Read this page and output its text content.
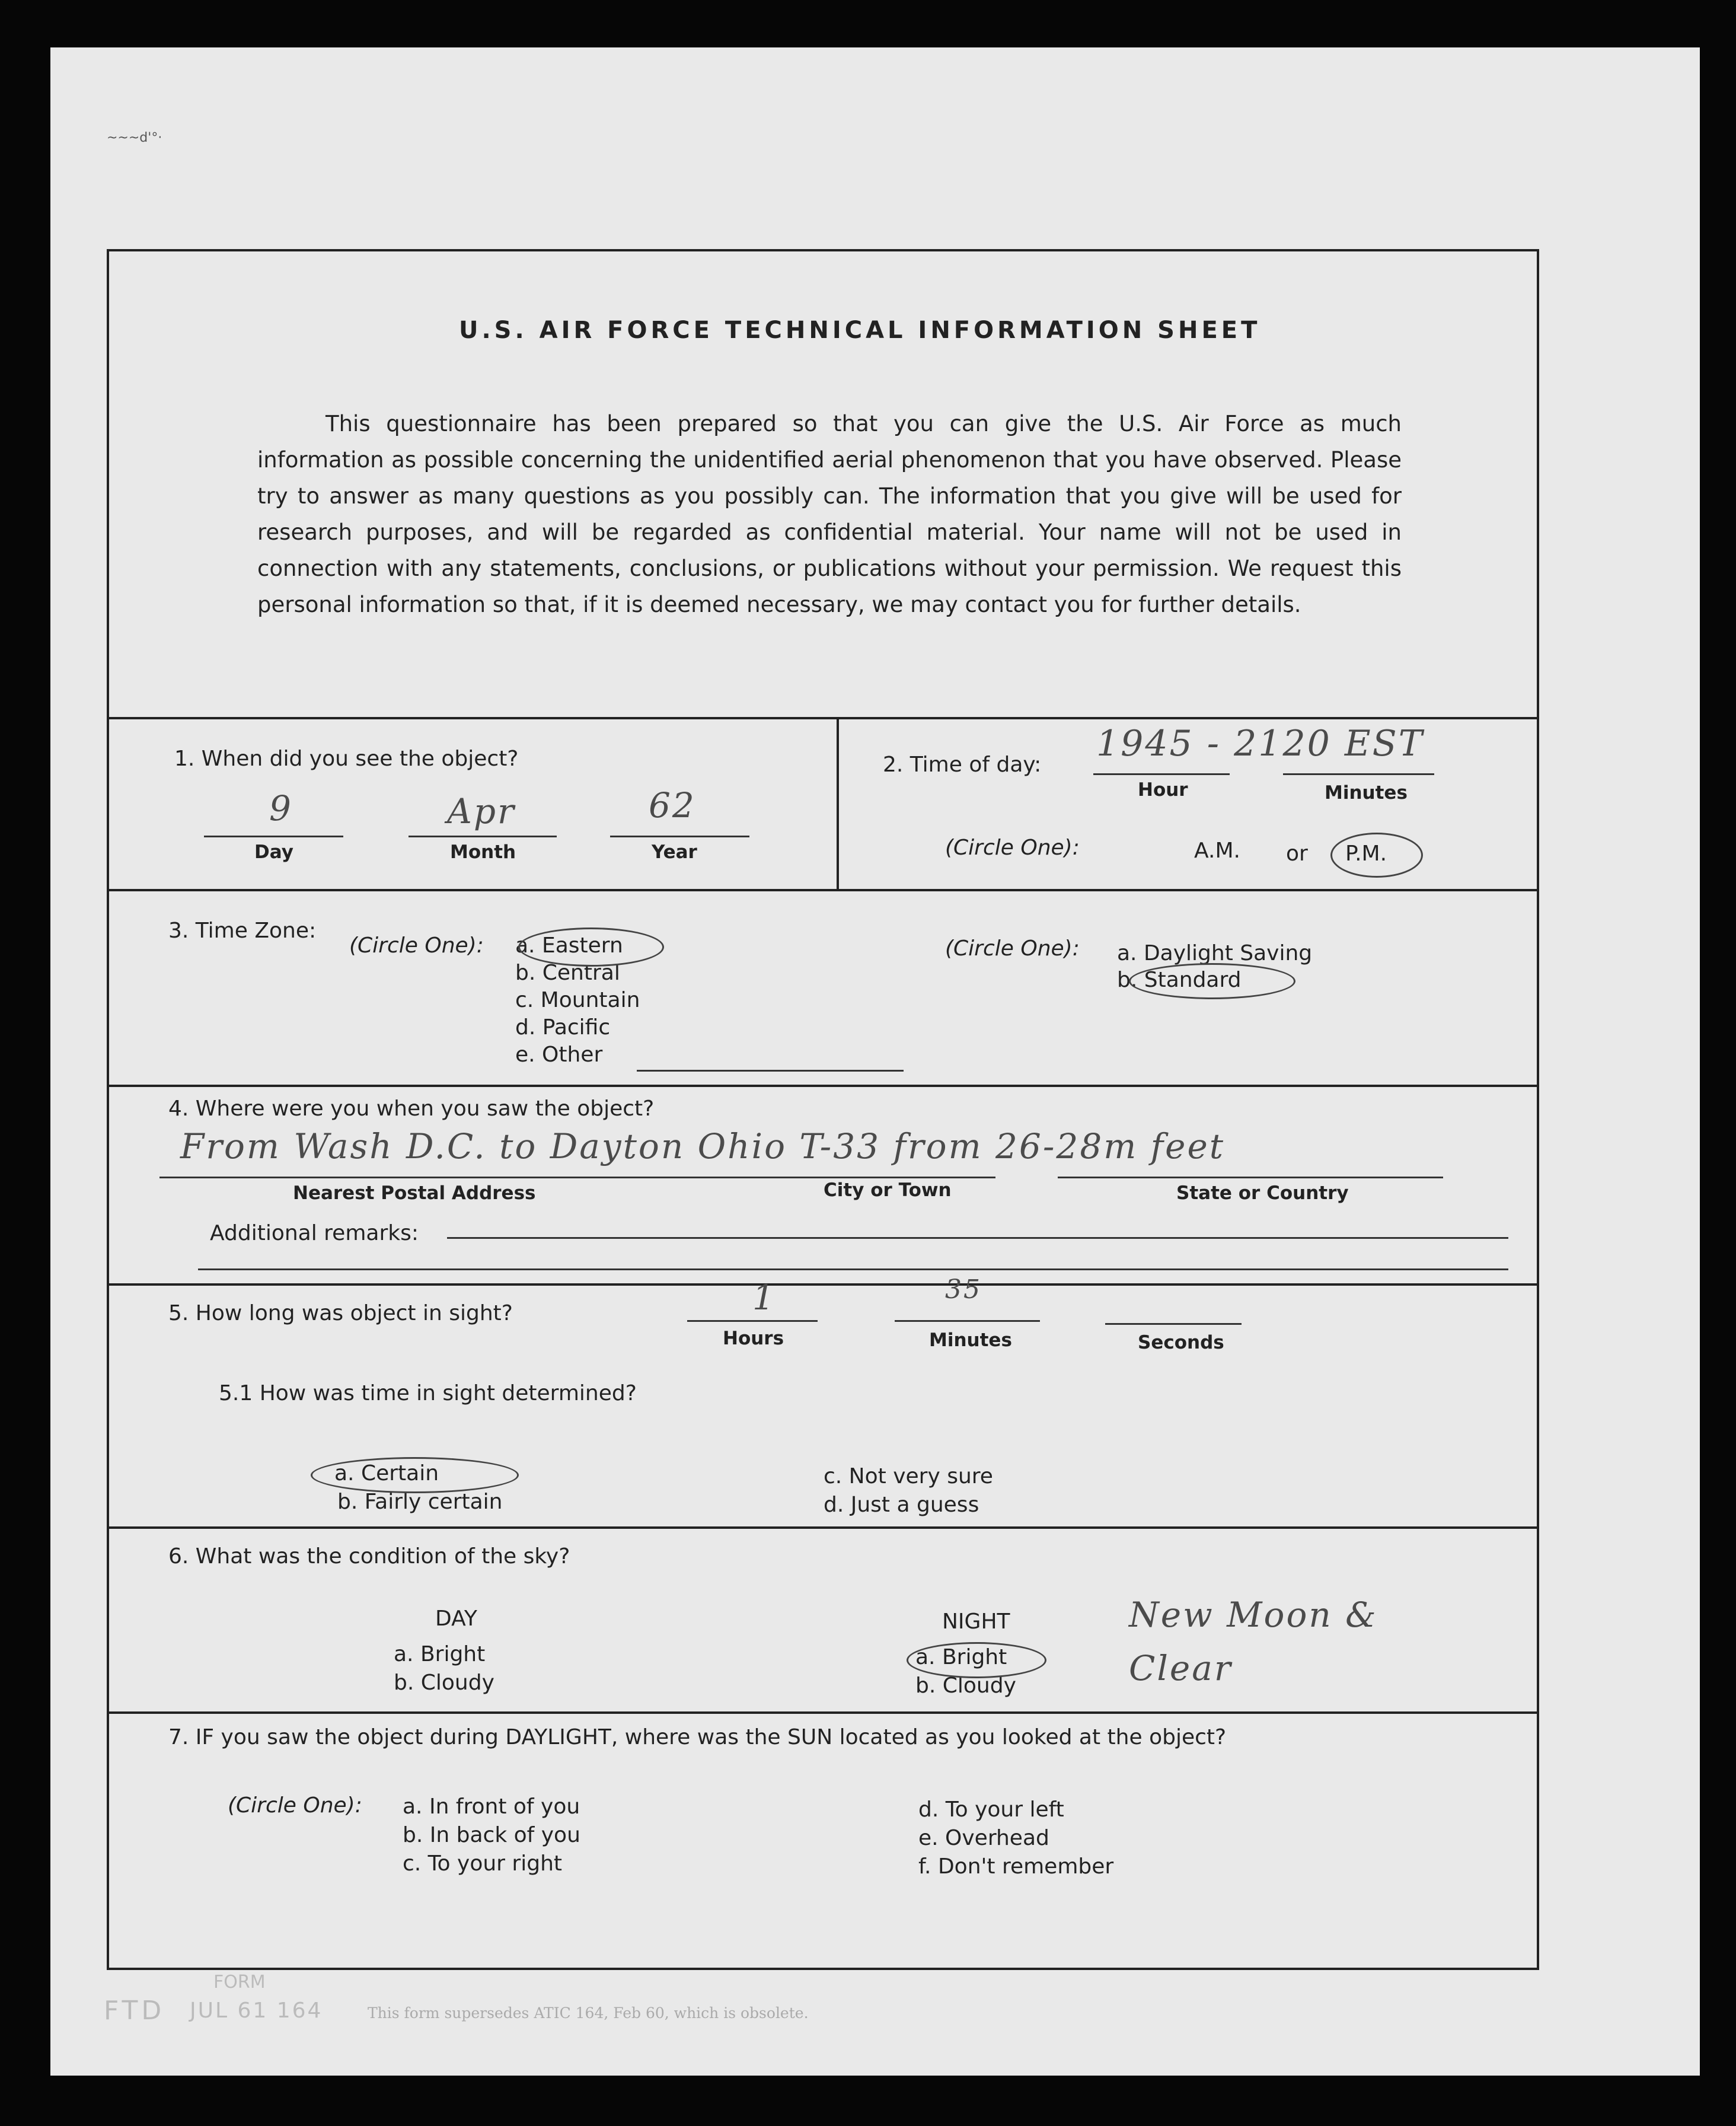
~~~d'°·
U.S. AIR FORCE TECHNICAL INFORMATION SHEET
This questionnaire has been prepared so that you can give the U.S. Air Force as much information as possible concerning the unidentified aerial phenomenon that you have observed. Please try to answer as many questions as you possibly can. The information that you give will be used for research purposes, and will be regarded as confidential material. Your name will not be used in connection with any statements, conclusions, or publications without your permission. We request this personal information so that, if it is deemed necessary, we may contact you for further details.
1. When did you see the object?
9	Apr	62
Day	Month	Year
2. Time of day:
1945 - 2120 EST
Hour	Minutes
(Circle One):	A.M. or P.M.
3. Time Zone:
(Circle One): a. Eastern
b. Central
c. Mountain
d. Pacific
e. Other
(Circle One): a. Daylight Saving
b. Standard
4. Where were you when you saw the object?
From Wash D.C. to Dayton Ohio T-33 from 26-28m feet
Nearest Postal Address	City or Town	State or Country
Additional remarks:
5. How long was object in sight?	1	35
Hours	Minutes	Seconds
5.1 How was time in sight determined?
a. Certain
b. Fairly certain
c. Not very sure
d. Just a guess
6. What was the condition of the sky?
DAY	NIGHT
a. Bright
b. Cloudy
a. Bright
b. Cloudy
New Moon &
Clear
7. IF you saw the object during DAYLIGHT, where was the SUN located as you looked at the object?
(Circle One): a. In front of you
b. In back of you
c. To your right
d. To your left
e. Overhead
f. Don't remember
FORM
FTD JUL 61 164	This form supersedes ATIC 164, Feb 60, which is obsolete.
